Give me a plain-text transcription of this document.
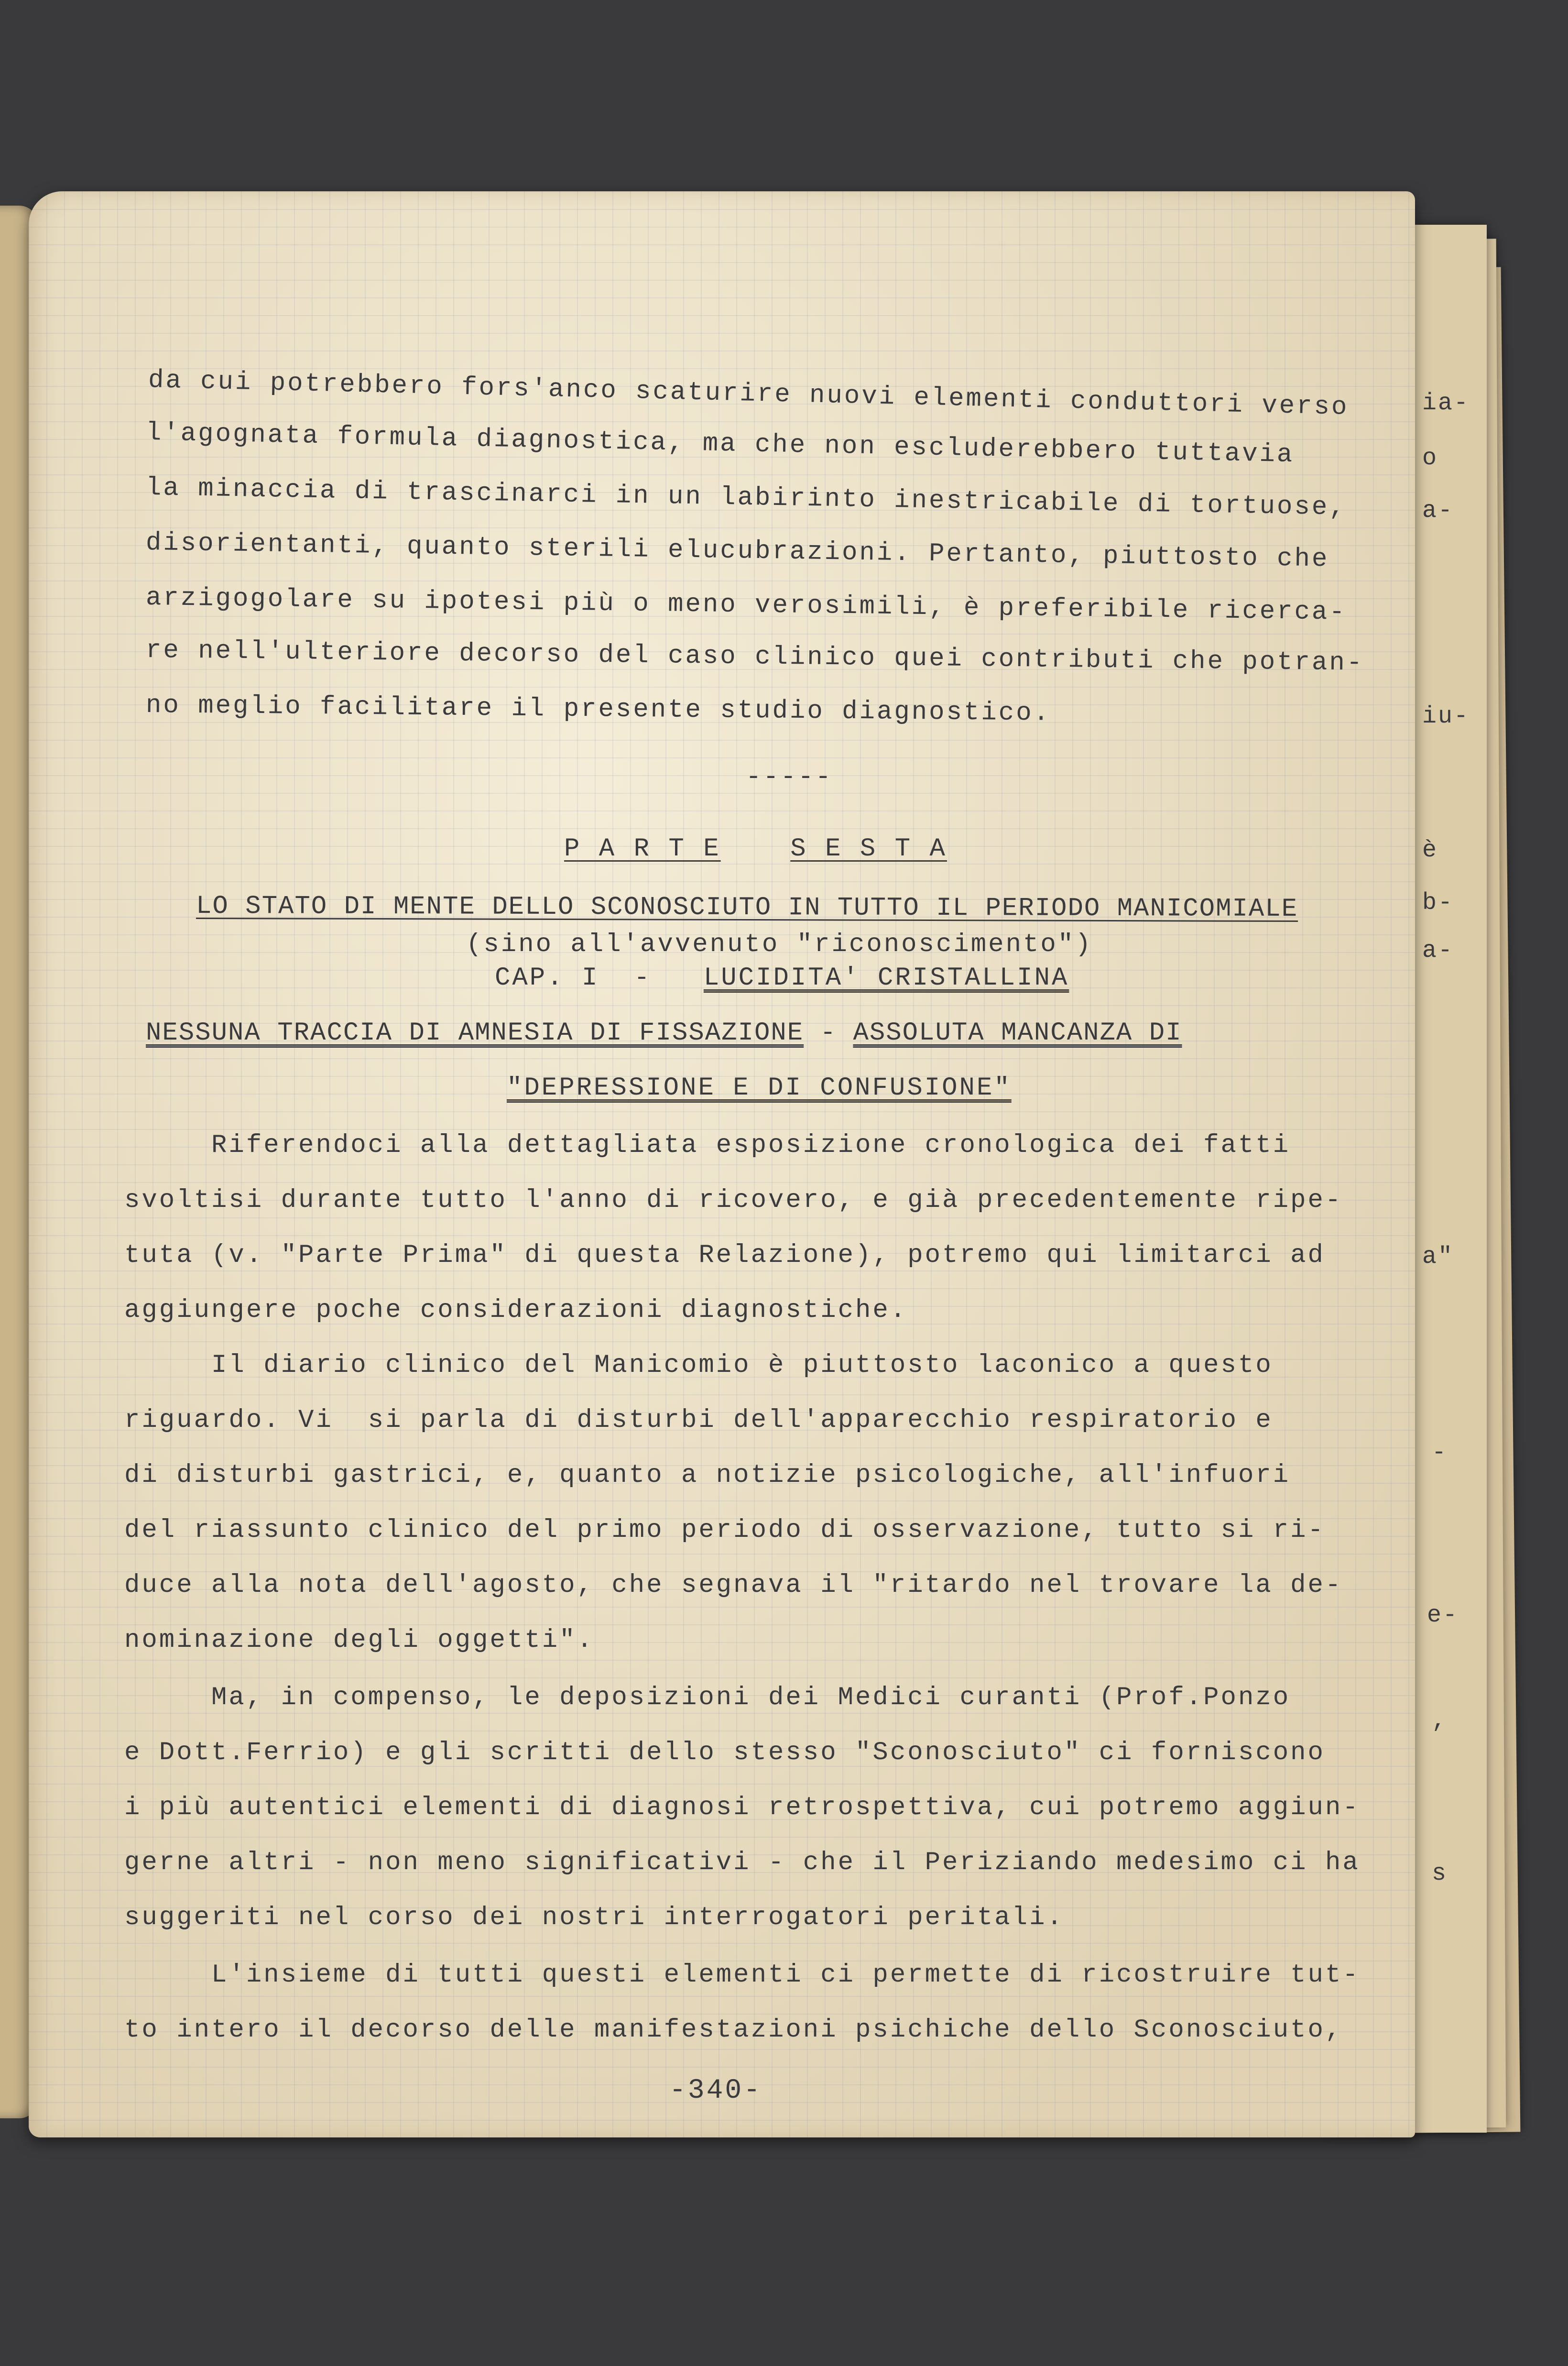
ia-
o
a-
iu-
è
b-
a-
a"
-
e-
,
s
da cui potrebbero fors'anco scaturire nuovi elementi conduttori verso
l'agognata formula diagnostica, ma che non escluderebbero tuttavia
la minaccia di trascinarci in un labirinto inestricabile di tortuose,
disorientanti, quanto sterili elucubrazioni. Pertanto, piuttosto che
arzigogolare su ipotesi più o meno verosimili, è preferibile ricerca-
re nell'ulteriore decorso del caso clinico quei contributi che potran-
no meglio facilitare il presente studio diagnostico.
-----
P A R T E	S E S T A
LO STATO DI MENTE DELLO SCONOSCIUTO IN TUTTO IL PERIODO MANICOMIALE
(sino all'avvenuto "riconoscimento")
CAP. I  - LUCIDITA' CRISTALLINA
NESSUNA TRACCIA DI AMNESIA DI FISSAZIONE - ASSOLUTA MANCANZA DI
"DEPRESSIONE E DI CONFUSIONE"
Riferendoci alla dettagliata esposizione cronologica dei fatti
svoltisi durante tutto l'anno di ricovero, e già precedentemente ripe-
tuta (v. "Parte Prima" di questa Relazione), potremo qui limitarci ad
aggiungere poche considerazioni diagnostiche.
Il diario clinico del Manicomio è piuttosto laconico a questo
riguardo. Vi  si parla di disturbi dell'apparecchio respiratorio e
di disturbi gastrici, e, quanto a notizie psicologiche, all'infuori
del riassunto clinico del primo periodo di osservazione, tutto si ri-
duce alla nota dell'agosto, che segnava il "ritardo nel trovare la de-
nominazione degli oggetti".
Ma, in compenso, le deposizioni dei Medici curanti (Prof.Ponzo
e Dott.Ferrio) e gli scritti dello stesso "Sconosciuto" ci forniscono
i più autentici elementi di diagnosi retrospettiva, cui potremo aggiun-
gerne altri - non meno significativi - che il Periziando medesimo ci ha
suggeriti nel corso dei nostri interrogatori peritali.
L'insieme di tutti questi elementi ci permette di ricostruire tut-
to intero il decorso delle manifestazioni psichiche dello Sconosciuto,
-340-
